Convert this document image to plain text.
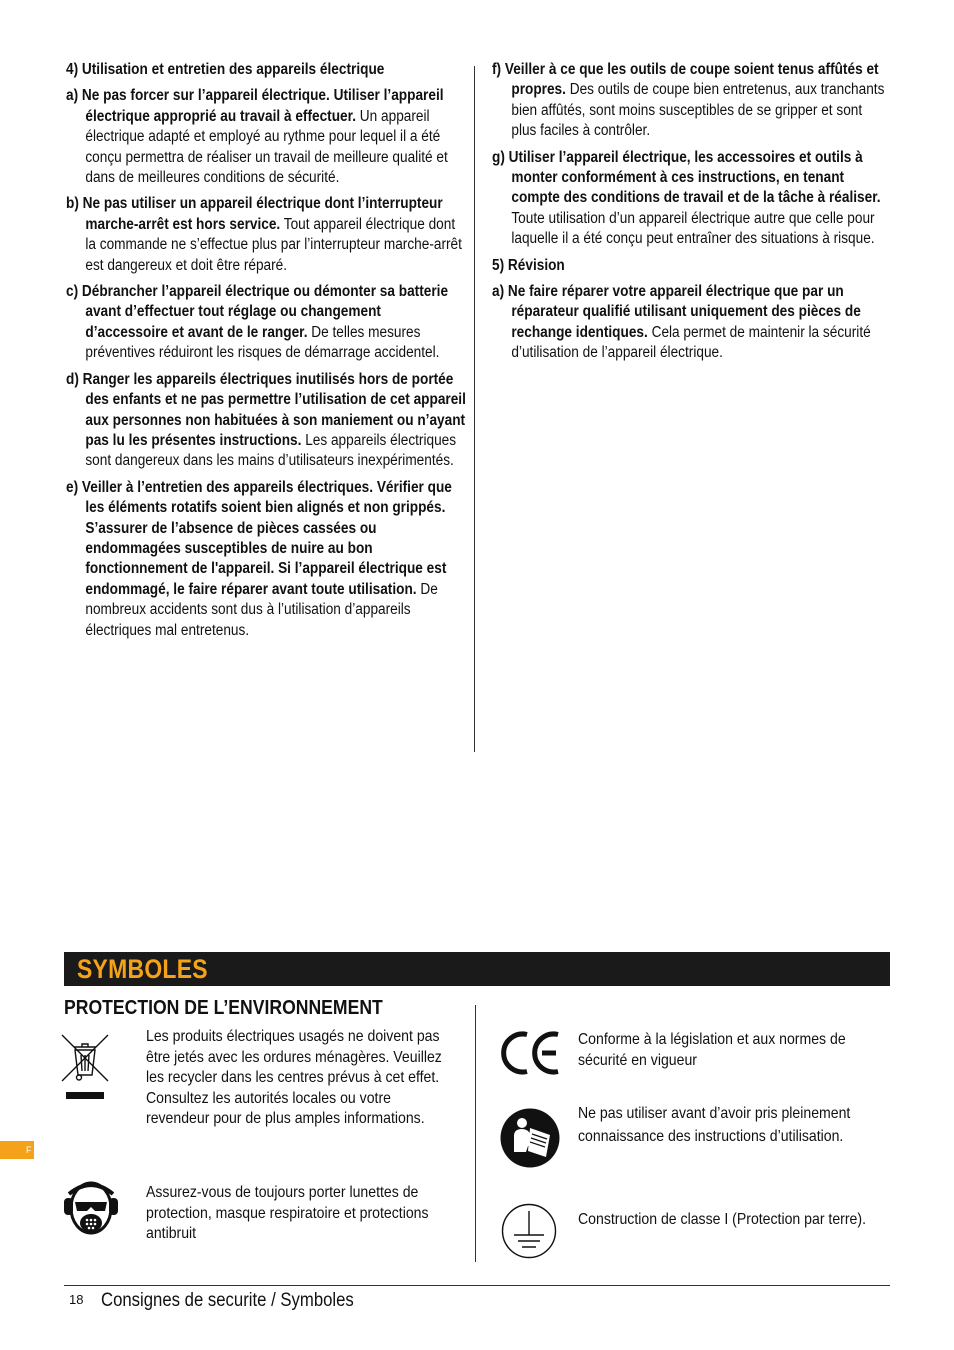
4) Utilisation et entretien des appareils électrique
a) Ne pas forcer sur l’appareil électrique. Utiliser l’appareil électrique approprié au travail à effectuer. Un appareil électrique adapté et employé au rythme pour lequel il a été conçu permettra de réaliser un travail de meilleure qualité et dans de meilleures conditions de sécurité.
b) Ne pas utiliser un appareil électrique dont l’interrupteur marche-arrêt est hors service. Tout appareil électrique dont la commande ne s’effectue plus par l’interrupteur marche-arrêt est dangereux et doit être réparé.
c) Débrancher l’appareil électrique ou démonter sa batterie avant d’effectuer tout réglage ou changement d’accessoire et avant de le ranger. De telles mesures préventives réduiront les risques de démarrage accidentel.
d) Ranger les appareils électriques inutilisés hors de portée des enfants et ne pas permettre l’utilisation de cet appareil aux personnes non habituées à son maniement ou n’ayant pas lu les présentes instructions. Les appareils électriques sont dangereux dans les mains d’utilisateurs inexpérimentés.
e) Veiller à l’entretien des appareils électriques. Vérifier que les éléments rotatifs soient bien alignés et non grippés. S’assurer de l’absence de pièces cassées ou endommagées susceptibles de nuire au bon fonctionnement de l'appareil. Si l’appareil électrique est endommagé, le faire réparer avant toute utilisation. De nombreux accidents sont dus à l’utilisation d’appareils électriques mal entretenus.
f) Veiller à ce que les outils de coupe soient tenus affûtés et propres. Des outils de coupe bien entretenus, aux tranchants bien affûtés, sont moins susceptibles de se gripper et sont plus faciles à contrôler.
g) Utiliser l’appareil électrique, les accessoires et outils à monter conformément à ces instructions, en tenant compte des conditions de travail et de la tâche à réaliser. Toute utilisation d’un appareil électrique autre que celle pour laquelle il a été conçu peut entraîner des situations à risque.
5) Révision
a) Ne faire réparer votre appareil électrique que par un réparateur qualifié utilisant uniquement des pièces de rechange identiques. Cela permet de maintenir la sécurité d’utilisation de l’appareil électrique.
SYMBOLES
PROTECTION DE L’ENVIRONNEMENT
Les produits électriques usagés ne doivent pas être jetés avec les ordures ménagères. Veuillez les recycler dans les centres prévus à cet effet. Consultez les autorités locales ou votre revendeur pour de plus amples informations.
Assurez-vous de toujours porter lunettes de protection, masque respiratoire et protections antibruit
Conforme à la législation et aux normes de sécurité en vigueur
Ne pas utiliser avant d’avoir pris pleinement connaissance des instructions d’utilisation.
Construction de classe I (Protection par terre).
F
18 Consignes de securite / Symboles
